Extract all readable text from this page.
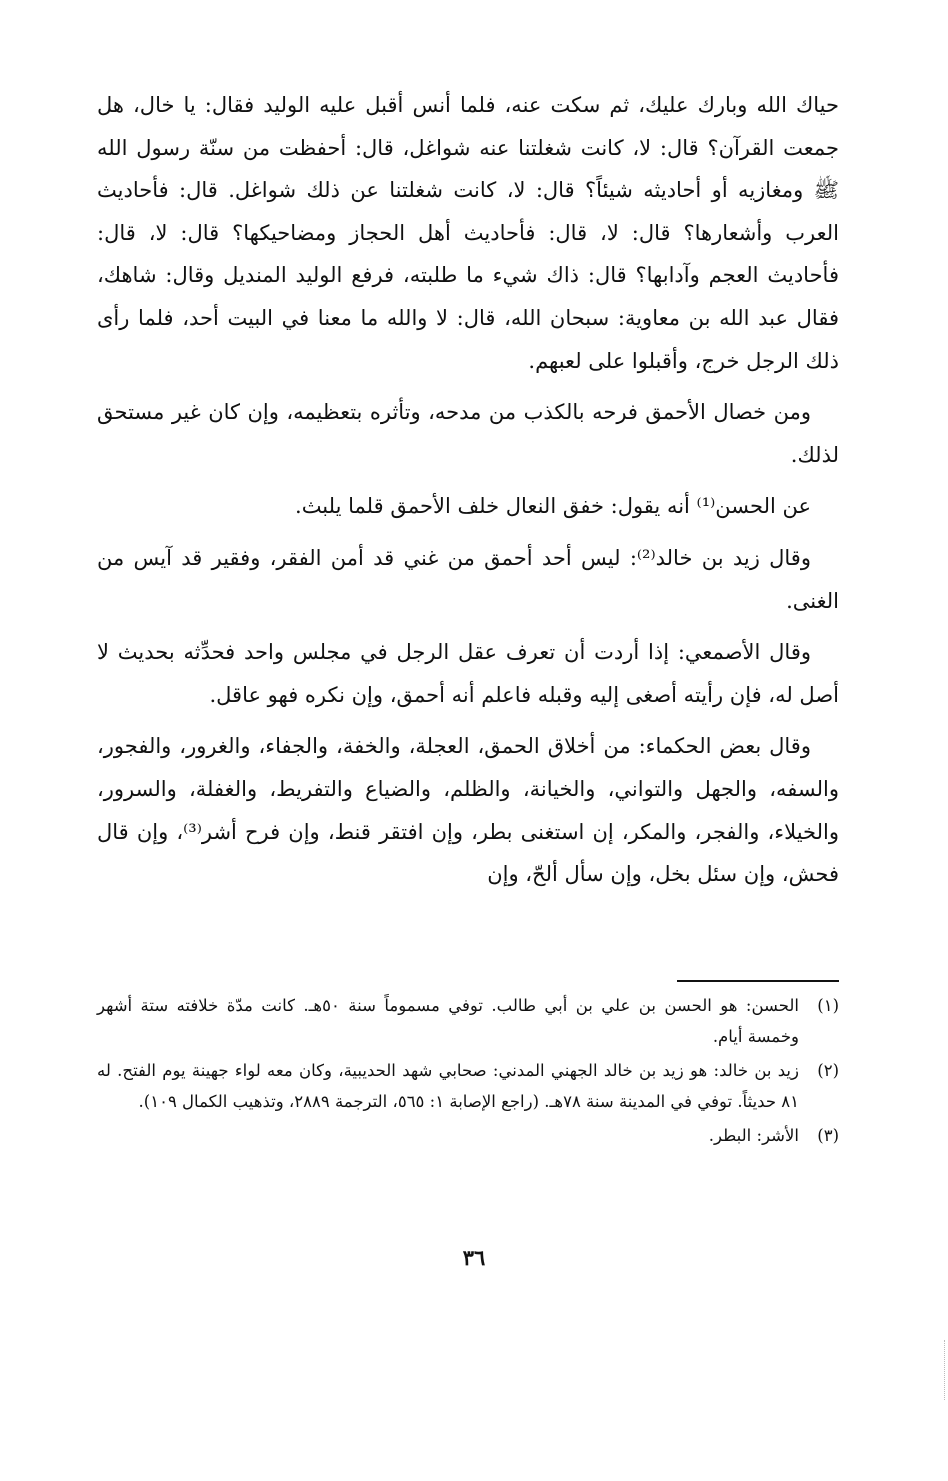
حياك الله وبارك عليك، ثم سكت عنه، فلما أنس أقبل عليه الوليد فقال: يا خال، هل جمعت القرآن؟ قال: لا، كانت شغلتنا عنه شواغل، قال: أحفظت من سنّة رسول الله ﷺ ومغازيه أو أحاديثه شيئاً؟ قال: لا، كانت شغلتنا عن ذلك شواغل. قال: فأحاديث العرب وأشعارها؟ قال: لا، قال: فأحاديث أهل الحجاز ومضاحيكها؟ قال: لا، قال: فأحاديث العجم وآدابها؟ قال: ذاك شيء ما طلبته، فرفع الوليد المنديل وقال: شاهك، فقال عبد الله بن معاوية: سبحان الله، قال: لا والله ما معنا في البيت أحد، فلما رأى ذلك الرجل خرج، وأقبلوا على لعبهم.

ومن خصال الأحمق فرحه بالكذب من مدحه، وتأثره بتعظيمه، وإن كان غير مستحق لذلك.

عن الحسن⁽¹⁾ أنه يقول: خفق النعال خلف الأحمق قلما يلبث.

وقال زيد بن خالد⁽²⁾: ليس أحد أحمق من غني قد أمن الفقر، وفقير قد آيس من الغنى.

وقال الأصمعي: إذا أردت أن تعرف عقل الرجل في مجلس واحد فحدِّثه بحديث لا أصل له، فإن رأيته أصغى إليه وقبله فاعلم أنه أحمق، وإن نكره فهو عاقل.

وقال بعض الحكماء: من أخلاق الحمق، العجلة، والخفة، والجفاء، والغرور، والفجور، والسفه، والجهل والتواني، والخيانة، والظلم، والضياع والتفريط، والغفلة، والسرور، والخيلاء، والفجر، والمكر، إن استغنى بطر، وإن افتقر قنط، وإن فرح أشر⁽³⁾، وإن قال فحش، وإن سئل بخل، وإن سأل ألحّ، وإن

(١)
الحسن: هو الحسن بن علي بن أبي طالب. توفي مسموماً سنة ٥٠هـ. كانت مدّة خلافته ستة أشهر وخمسة أيام.
(٢)
زيد بن خالد: هو زيد بن خالد الجهني المدني: صحابي شهد الحديبية، وكان معه لواء جهينة يوم الفتح. له ٨١ حديثاً. توفي في المدينة سنة ٧٨هـ. (راجع الإصابة ١: ٥٦٥، الترجمة ٢٨٨٩، وتذهيب الكمال ١٠٩).
(٣)
الأشر: البطر.
٣٦
